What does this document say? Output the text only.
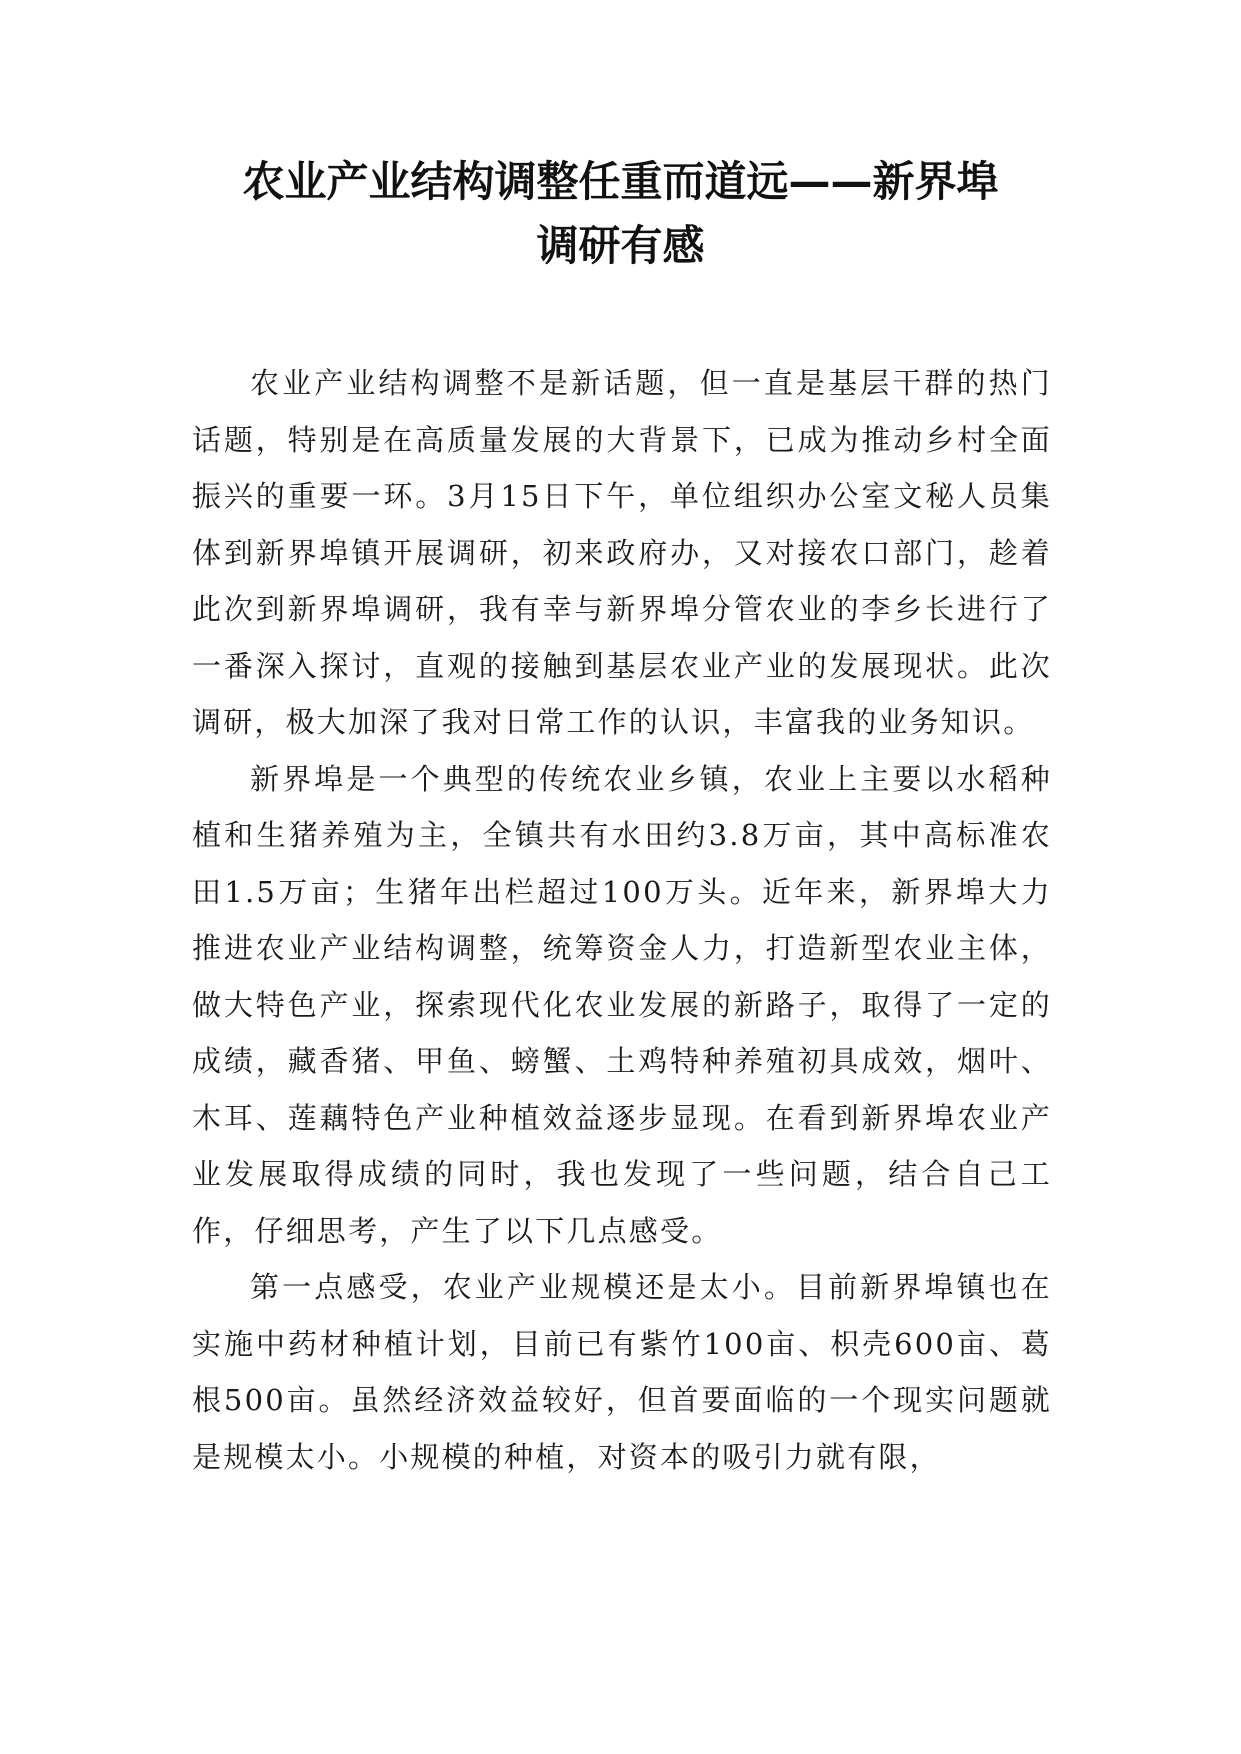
农业产业结构调整任重而道远——新界埠
调研有感

农业产业结构调整不是新话题，但一直是基层干群的热门话题，特别是在高质量发展的大背景下，已成为推动乡村全面振兴的重要一环。3月15日下午，单位组织办公室文秘人员集体到新界埠镇开展调研，初来政府办，又对接农口部门，趁着此次到新界埠调研，我有幸与新界埠分管农业的李乡长进行了一番深入探讨，直观的接触到基层农业产业的发展现状。此次调研，极大加深了我对日常工作的认识，丰富我的业务知识。

新界埠是一个典型的传统农业乡镇，农业上主要以水稻种植和生猪养殖为主，全镇共有水田约3.8万亩，其中高标准农田1.5万亩；生猪年出栏超过100万头。近年来，新界埠大力推进农业产业结构调整，统筹资金人力，打造新型农业主体，做大特色产业，探索现代化农业发展的新路子，取得了一定的成绩，藏香猪、甲鱼、螃蟹、土鸡特种养殖初具成效，烟叶、木耳、莲藕特色产业种植效益逐步显现。在看到新界埠农业产业发展取得成绩的同时，我也发现了一些问题，结合自己工作，仔细思考，产生了以下几点感受。

第一点感受，农业产业规模还是太小。目前新界埠镇也在实施中药材种植计划，目前已有紫竹100亩、枳壳600亩、葛根500亩。虽然经济效益较好，但首要面临的一个现实问题就是规模太小。小规模的种植，对资本的吸引力就有限，
